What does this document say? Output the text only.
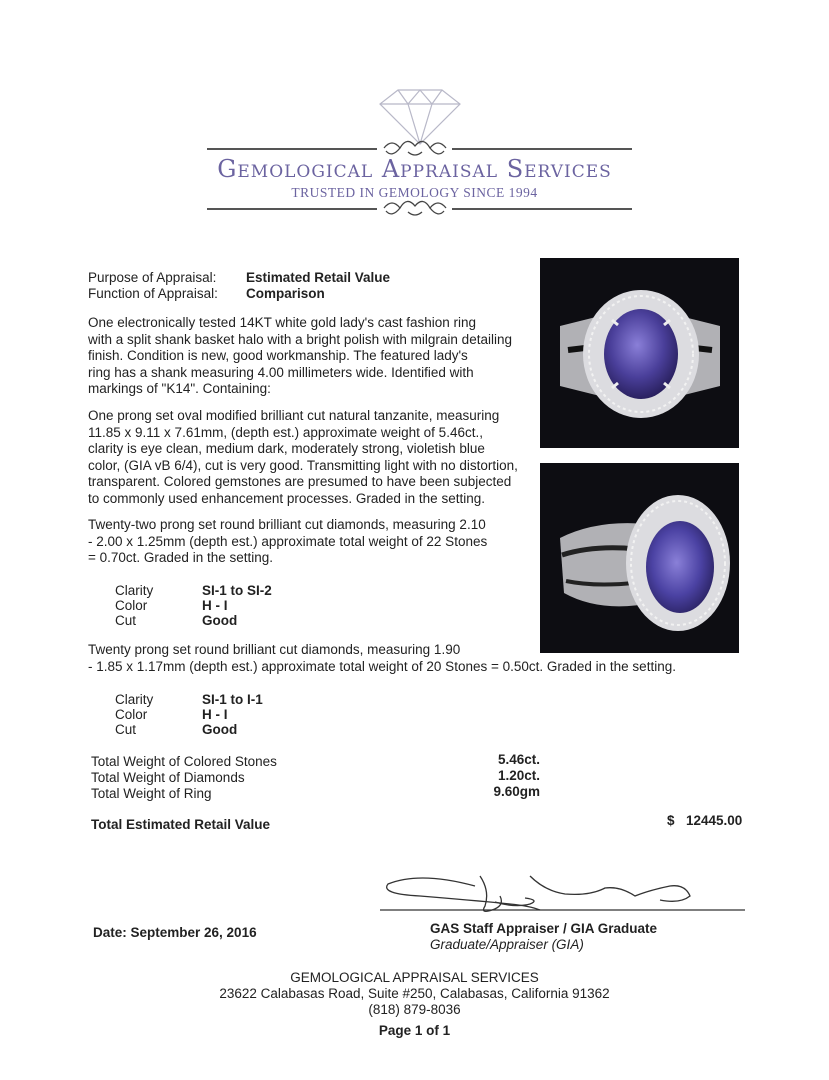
Gemological Appraisal Services
TRUSTED IN GEMOLOGY SINCE 1994
Purpose of Appraisal: Estimated Retail Value
Function of Appraisal: Comparison
One electronically tested 14KT white gold lady's cast fashion ring
with a split shank basket halo with a bright polish with milgrain detailing
finish. Condition is new, good workmanship. The featured lady's
ring has a shank measuring 4.00 millimeters wide. Identified with
markings of "K14". Containing:
One prong set oval modified brilliant cut natural tanzanite, measuring
11.85 x 9.11 x 7.61mm, (depth est.) approximate weight of 5.46ct.,
clarity is eye clean, medium dark, moderately strong, violetish blue
color, (GIA vB 6/4), cut is very good. Transmitting light with no distortion,
transparent. Colored gemstones are presumed to have been subjected
to commonly used enhancement processes. Graded in the setting.
Twenty-two prong set round brilliant cut diamonds, measuring 2.10
- 2.00 x 1.25mm (depth est.) approximate total weight of 22 Stones
= 0.70ct. Graded in the setting.
Clarity	SI-1 to SI-2
Color	H - I
Cut	Good
Twenty prong set round brilliant cut diamonds, measuring 1.90
- 1.85 x 1.17mm (depth est.) approximate total weight of 20 Stones = 0.50ct. Graded in the setting.
Clarity	SI-1 to I-1
Color	H - I
Cut	Good
Total Weight of Colored Stones	5.46ct.
Total Weight of Diamonds	1.20ct.
Total Weight of Ring	9.60gm
Total Estimated Retail Value	$ 12445.00
Date: September 26, 2016	GAS Staff Appraiser / GIA Graduate
Graduate/Appraiser (GIA)
GEMOLOGICAL APPRAISAL SERVICES
23622 Calabasas Road, Suite #250, Calabasas, California 91362
(818) 879-8036
Page 1 of 1
